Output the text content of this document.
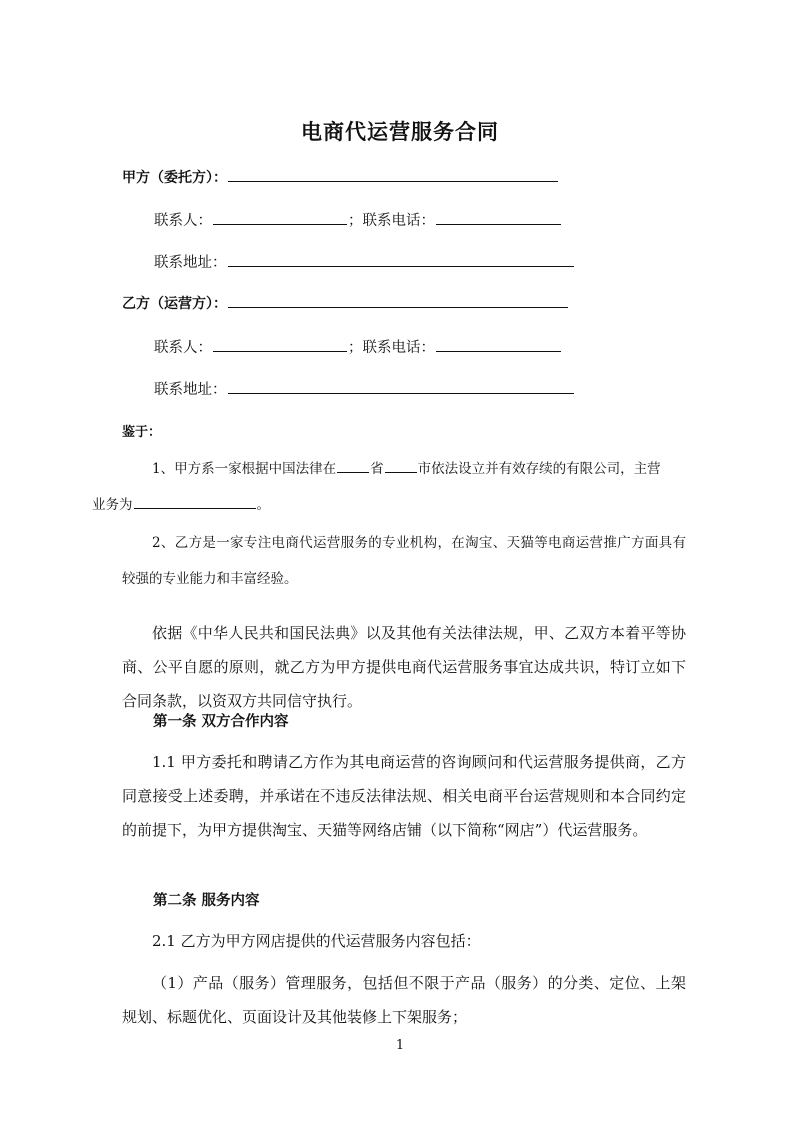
电商代运营服务合同
甲方（委托方）：
联系人：	；联系电话：
联系地址：
乙方（运营方）：
联系人：	；联系电话：
联系地址：
鉴于：
1、甲方系一家根据中国法律在	省	市依法设立并有效存续的有限公司，主营
业务为	。
2、乙方是一家专注电商代运营服务的专业机构，在淘宝、天猫等电商运营推广方面具有较强的专业能力和丰富经验。
依据《中华人民共和国民法典》以及其他有关法律法规，甲、乙双方本着平等协商、公平自愿的原则，就乙方为甲方提供电商代运营服务事宜达成共识，特订立如下合同条款，以资双方共同信守执行。
第一条 双方合作内容
1.1 甲方委托和聘请乙方作为其电商运营的咨询顾问和代运营服务提供商，乙方同意接受上述委聘，并承诺在不违反法律法规、相关电商平台运营规则和本合同约定的前提下，为甲方提供淘宝、天猫等网络店铺（以下简称“网店”）代运营服务。
第二条 服务内容
2.1 乙方为甲方网店提供的代运营服务内容包括：
（1）产品（服务）管理服务，包括但不限于产品（服务）的分类、定位、上架规划、标题优化、页面设计及其他装修上下架服务；
1
